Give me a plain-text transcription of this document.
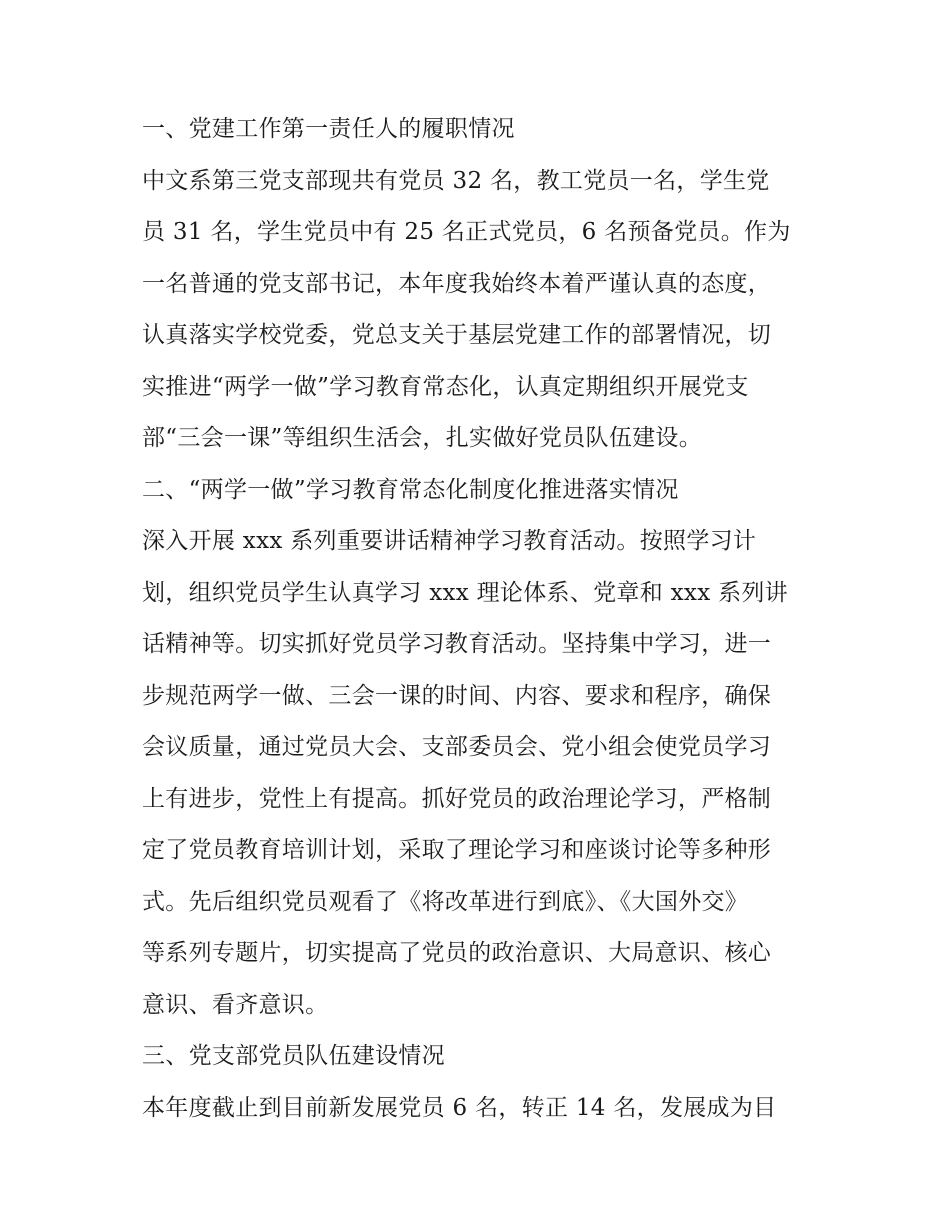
一、党建工作第一责任人的履职情况
中文系第三党支部现共有党员 32 名，教工党员一名，学生党
员 31 名，学生党员中有 25 名正式党员，6 名预备党员。作为
一名普通的党支部书记，本年度我始终本着严谨认真的态度，
认真落实学校党委，党总支关于基层党建工作的部署情况，切
实推进“两学一做”学习教育常态化，认真定期组织开展党支
部“三会一课”等组织生活会，扎实做好党员队伍建设。
二、“两学一做”学习教育常态化制度化推进落实情况
深入开展 xxx 系列重要讲话精神学习教育活动。按照学习计
划，组织党员学生认真学习 xxx 理论体系、党章和 xxx 系列讲
话精神等。切实抓好党员学习教育活动。坚持集中学习，进一
步规范两学一做、三会一课的时间、内容、要求和程序，确保
会议质量，通过党员大会、支部委员会、党小组会使党员学习
上有进步，党性上有提高。抓好党员的政治理论学习，严格制
定了党员教育培训计划，采取了理论学习和座谈讨论等多种形
式。先后组织党员观看了《将改革进行到底》、《大国外交》
等系列专题片，切实提高了党员的政治意识、大局意识、核心
意识、看齐意识。
三、党支部党员队伍建设情况
本年度截止到目前新发展党员 6 名，转正 14 名，发展成为目
